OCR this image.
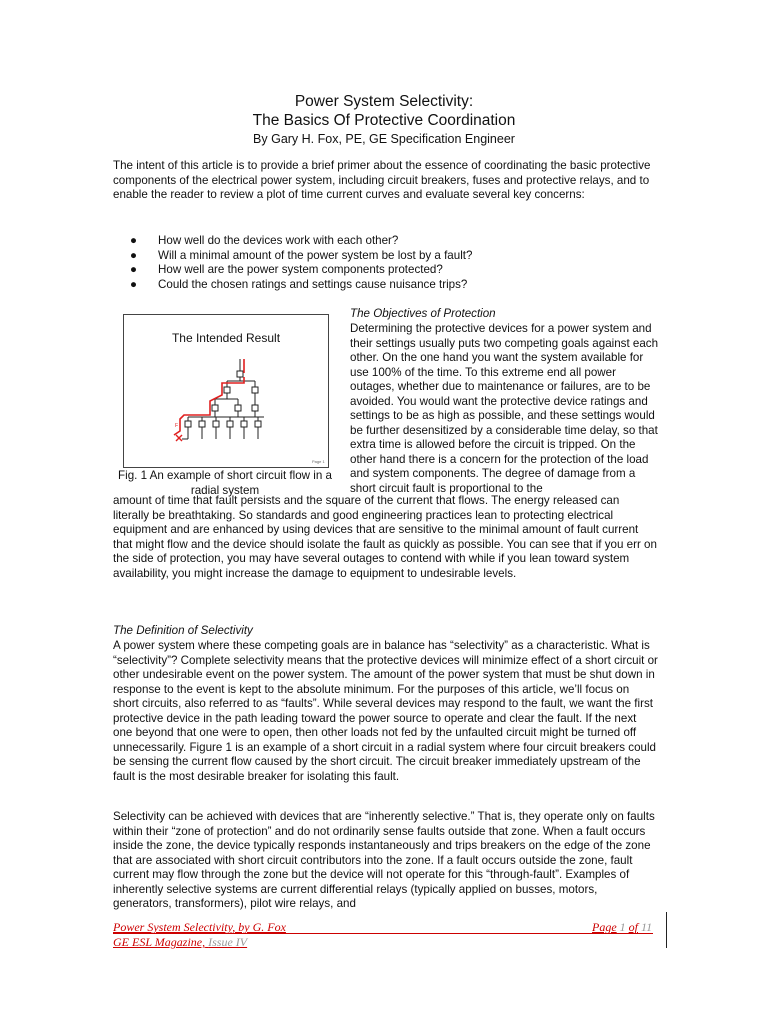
Power System Selectivity:
The Basics Of Protective Coordination
By Gary H. Fox, PE, GE Specification Engineer

The intent of this article is to provide a brief primer about the essence of coordinating the basic protective components of the electrical power system, including circuit breakers, fuses and protective relays, and to enable the reader to review a plot of time current curves and evaluate several key concerns:

● How well do the devices work with each other?
● Will a minimal amount of the power system be lost by a fault?
● How well are the power system components protected?
● Could the chosen ratings and settings cause nuisance trips?
The Intended Result
F
Page 1
Fig. 1 An example of short circuit flow in a radial system
The Objectives of Protection

Determining the protective devices for a power system and their settings usually puts two competing goals against each other. On the one hand you want the system available for use 100% of the time. To this extreme end all power outages, whether due to maintenance or failures, are to be avoided. You would want the protective device ratings and settings to be as high as possible, and these settings would be further desensitized by a considerable time delay, so that extra time is allowed before the circuit is tripped. On the other hand there is a concern for the protection of the load and system components. The degree of damage from a short circuit fault is proportional to the

amount of time that fault persists and the square of the current that flows. The energy released can literally be breathtaking. So standards and good engineering practices lean to protecting electrical equipment and are enhanced by using devices that are sensitive to the minimal amount of fault current that might flow and the device should isolate the fault as quickly as possible. You can see that if you err on the side of protection, you may have several outages to contend with while if you lean toward system availability, you might increase the damage to equipment to undesirable levels.

The Definition of Selectivity

A power system where these competing goals are in balance has “selectivity” as a characteristic. What is “selectivity”? Complete selectivity means that the protective devices will minimize effect of a short circuit or other undesirable event on the power system. The amount of the power system that must be shut down in response to the event is kept to the absolute minimum. For the purposes of this article, we’ll focus on short circuits, also referred to as “faults”. While several devices may respond to the fault, we want the first protective device in the path leading toward the power source to operate and clear the fault. If the next one beyond that one were to open, then other loads not fed by the unfaulted circuit might be turned off unnecessarily. Figure 1 is an example of a short circuit in a radial system where four circuit breakers could be sensing the current flow caused by the short circuit. The circuit breaker immediately upstream of the fault is the most desirable breaker for isolating this fault.

Selectivity can be achieved with devices that are “inherently selective.” That is, they operate only on faults within their “zone of protection” and do not ordinarily sense faults outside that zone. When a fault occurs inside the zone, the device typically responds instantaneously and trips breakers on the edge of the zone that are associated with short circuit contributors into the zone. If a fault occurs outside the zone, fault current may flow through the zone but the device will not operate for this “through-fault”. Examples of inherently selective systems are current differential relays (typically applied on busses, motors, generators, transformers), pilot wire relays, and

Power System Selectivity, by G. Fox
GE ESL Magazine, Issue IV
Page 1 of 11
